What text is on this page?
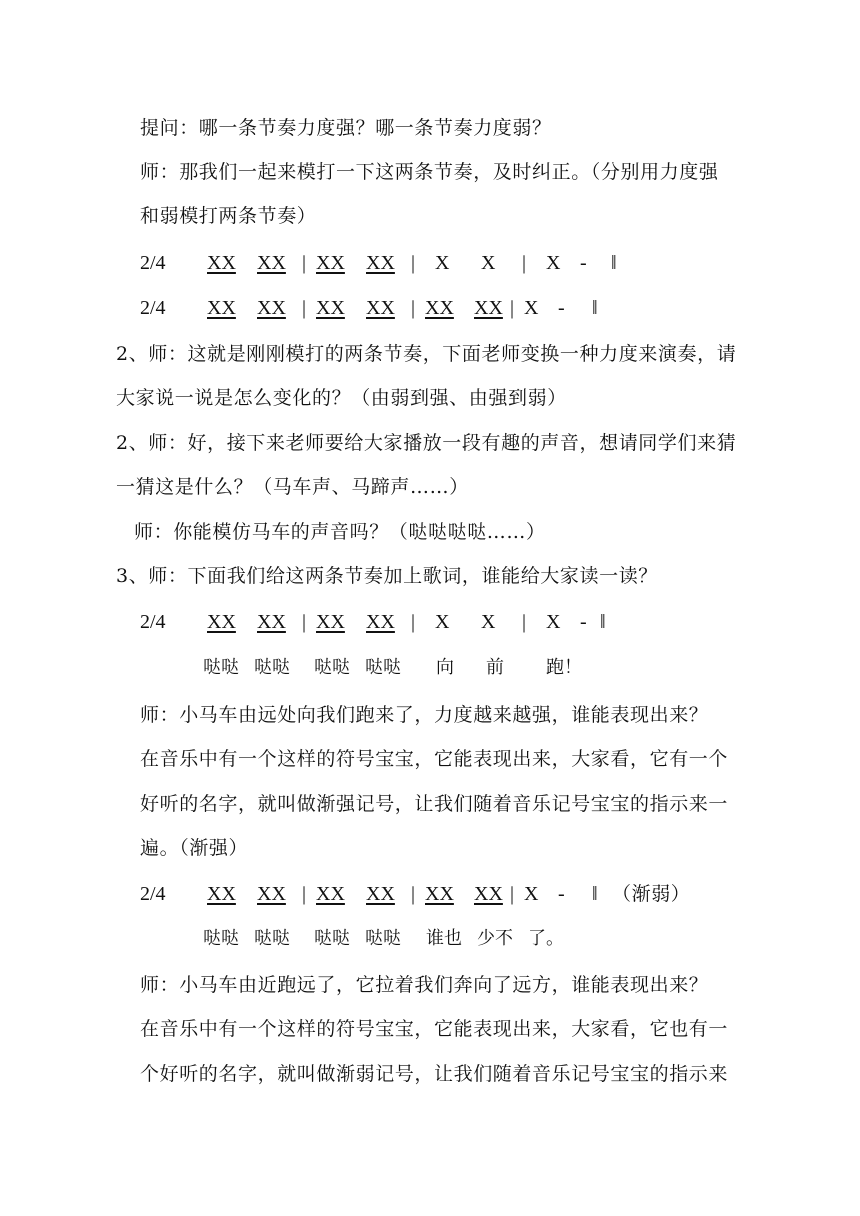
提问：哪一条节奏力度强？哪一条节奏力度弱？
师：那我们一起来模打一下这两条节奏，及时纠正。（分别用力度强
和弱模打两条节奏）
2/4 XX XX | XX XX | X X | X - ‖
2/4 XX XX | XX XX | XX XX | X - ‖
2、师：这就是刚刚模打的两条节奏，下面老师变换一种力度来演奏，请
大家说一说是怎么变化的？（由弱到强、由强到弱）
2、师：好，接下来老师要给大家播放一段有趣的声音，想请同学们来猜
一猜这是什么？（马车声、马蹄声……）
师：你能模仿马车的声音吗？（哒哒哒哒……）
3、师：下面我们给这两条节奏加上歌词，谁能给大家读一读？
2/4 XX XX | XX XX | X X | X - ‖
哒哒 哒哒 哒哒 哒哒 向 前 跑！
师：小马车由远处向我们跑来了，力度越来越强，谁能表现出来？
在音乐中有一个这样的符号宝宝，它能表现出来，大家看，它有一个
好听的名字，就叫做渐强记号，让我们随着音乐记号宝宝的指示来一
遍。（渐强）
2/4 XX XX | XX XX | XX XX | X - ‖ （渐弱）
哒哒 哒哒 哒哒 哒哒 谁也 少不 了。
师：小马车由近跑远了，它拉着我们奔向了远方，谁能表现出来？
在音乐中有一个这样的符号宝宝，它能表现出来，大家看，它也有一
个好听的名字，就叫做渐弱记号，让我们随着音乐记号宝宝的指示来
